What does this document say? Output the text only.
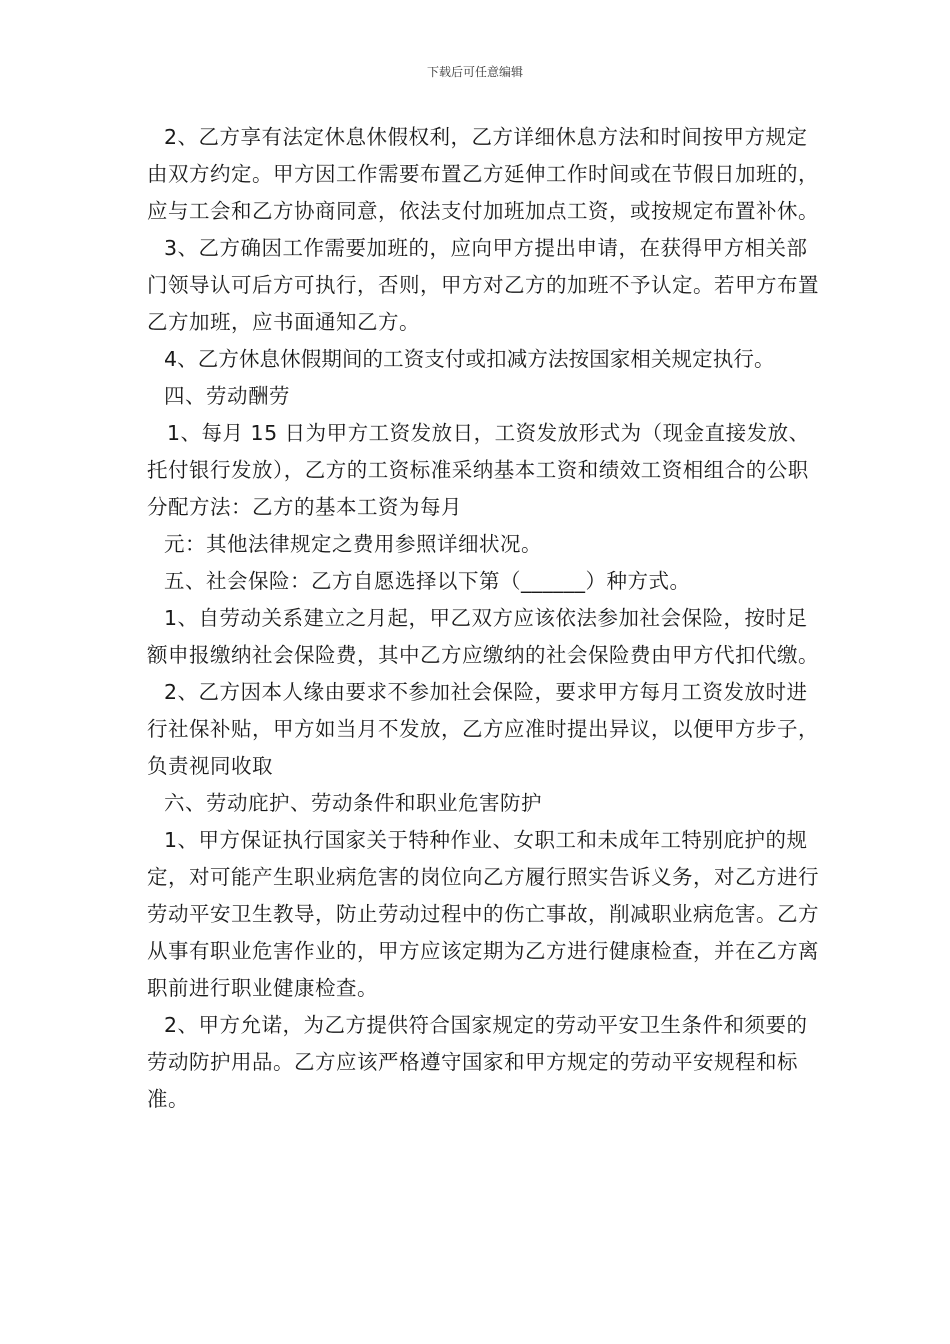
下载后可任意编辑

2、乙方享有法定休息休假权利，乙方详细休息方法和时间按甲方规定由双方约定。甲方因工作需要布置乙方延伸工作时间或在节假日加班的，应与工会和乙方协商同意，依法支付加班加点工资，或按规定布置补休。

3、乙方确因工作需要加班的，应向甲方提出申请，在获得甲方相关部门领导认可后方可执行，否则，甲方对乙方的加班不予认定。若甲方布置乙方加班，应书面通知乙方。

4、乙方休息休假期间的工资支付或扣减方法按国家相关规定执行。

四、劳动酬劳

1、每月 15 日为甲方工资发放日，工资发放形式为（现金直接发放、托付银行发放），乙方的工资标准采纳基本工资和绩效工资相组合的公职分配方法：乙方的基本工资为每月

元：其他法律规定之费用参照详细状况。

五、社会保险：乙方自愿选择以下第（______）种方式。

1、自劳动关系建立之月起，甲乙双方应该依法参加社会保险，按时足额申报缴纳社会保险费，其中乙方应缴纳的社会保险费由甲方代扣代缴。

2、乙方因本人缘由要求不参加社会保险，要求甲方每月工资发放时进行社保补贴，甲方如当月不发放，乙方应准时提出异议，以便甲方步子，负责视同收取

六、劳动庇护、劳动条件和职业危害防护

1、甲方保证执行国家关于特种作业、女职工和未成年工特别庇护的规定，对可能产生职业病危害的岗位向乙方履行照实告诉义务，对乙方进行劳动平安卫生教导，防止劳动过程中的伤亡事故，削减职业病危害。乙方从事有职业危害作业的，甲方应该定期为乙方进行健康检查，并在乙方离职前进行职业健康检查。

2、甲方允诺，为乙方提供符合国家规定的劳动平安卫生条件和须要的劳动防护用品。乙方应该严格遵守国家和甲方规定的劳动平安规程和标准。
